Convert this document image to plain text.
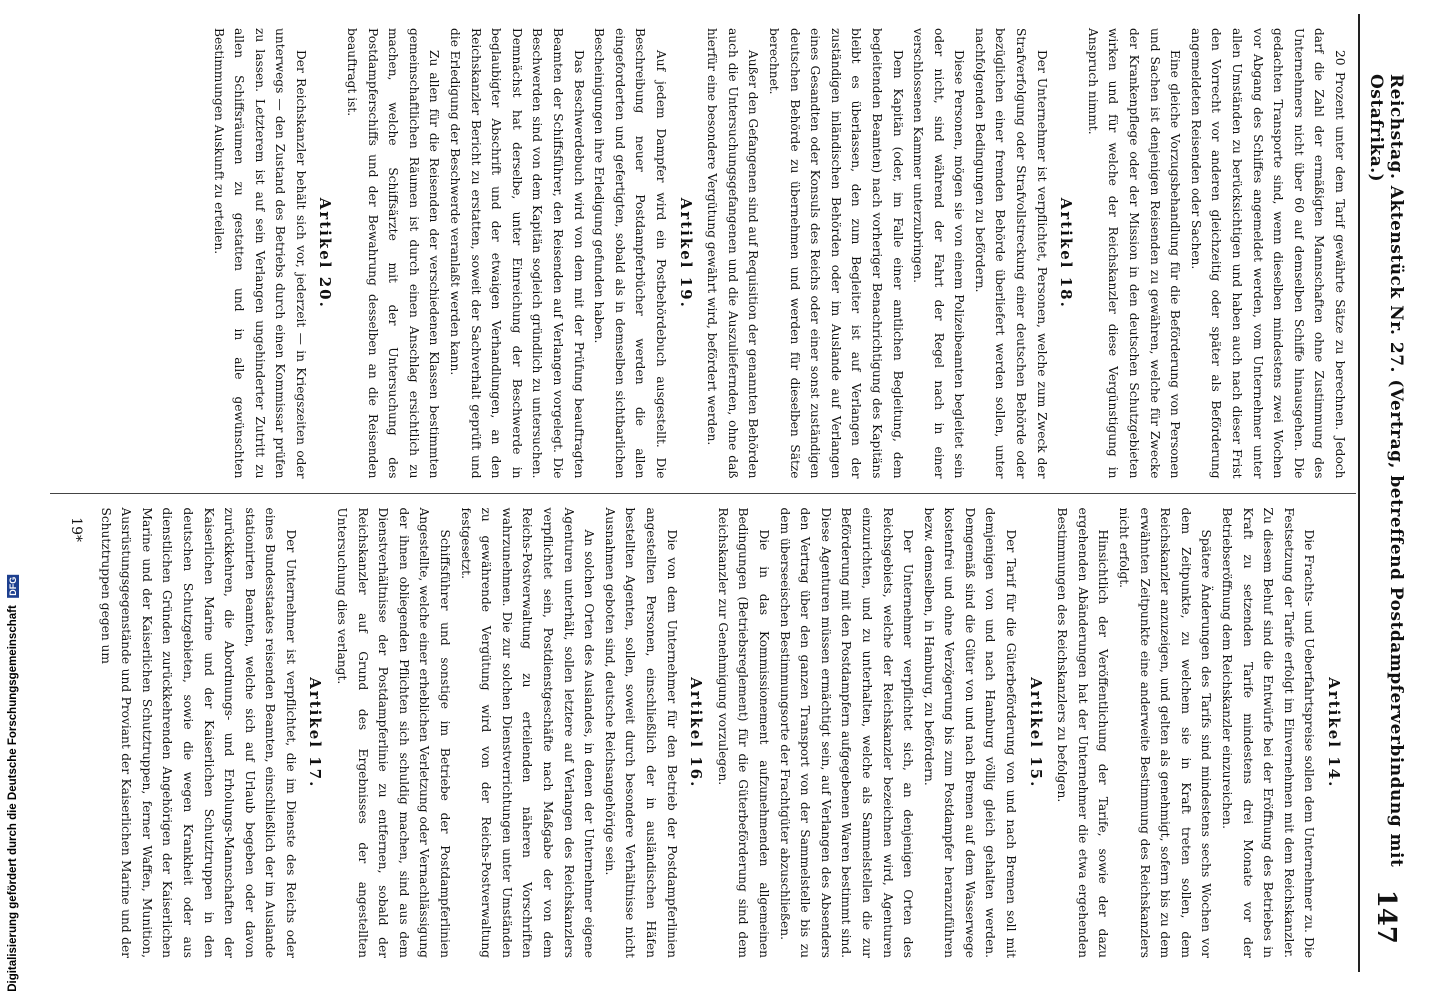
Reichstag. Aktenstück Nr. 27. (Vertrag, betreffend Postdampferverbindung mit Ostafrika.)
147

20 Prozent unter dem Tarif gewährte Sätze zu berechnen. Jedoch darf die Zahl der ermäßigten Mannschaften ohne Zustimmung des Unternehmers nicht über 60 auf demselben Schiffe hinausgehen. Die gedachten Transporte sind, wenn dieselben mindestens zwei Wochen vor Abgang des Schiffes angemeldet werden, vom Unternehmer unter allen Umständen zu berücksichtigen und haben auch nach dieser Frist den Vorrecht vor anderen gleichzeitig oder später als Beförderung angemeldeten Reisenden oder Sachen.

Eine gleiche Vorzugsbehandlung für die Beförderung von Personen und Sachen ist denjenigen Reisenden zu gewähren, welche für Zwecke der Krankenpflege oder der Mission in den deutschen Schutzgebieten wirken und für welche der Reichskanzler diese Vergünstigung in Anspruch nimmt.

Artikel 18.

Der Unternehmer ist verpflichtet, Personen, welche zum Zweck der Strafverfolgung oder Strafvollstreckung einer deutschen Behörde oder bezüglichen einer fremden Behörde überliefert werden sollen, unter nachfolgenden Bedingungen zu befördern.

Diese Personen, mögen sie von einem Polizeibeamten begleitet sein oder nicht, sind während der Fahrt der Regel nach in einer verschlossenen Kammer unterzubringen.

Dem Kapitän (oder, im Falle einer amtlichen Begleitung, dem begleitenden Beamten) nach vorheriger Benachrichtigung des Kapitäns bleibt es überlassen, den zum Begleiter ist auf Verlangen der zuständigen inländischen Behörden oder im Auslande auf Verlangen eines Gesandten oder Konsuls des Reichs oder einer sonst zuständigen deutschen Behörde zu übernehmen und werden für dieselben Sätze berechnet.

Außer den Gefangenen sind auf Requisition der genannten Behörden auch die Untersuchungsgefangenen und die Auszuliefernden, ohne daß hierfür eine besondere Vergütung gewährt wird, befördert werden.

Artikel 19.

Auf jedem Dampfer wird ein Postbehördebuch ausgestellt. Die Beschreibung neuer Postdampferbücher werden die allen eingeforderten und gefertigten, sobald als in demselben sichtbarlichen Bescheinigungen ihre Erledigung gefunden haben.

Das Beschwerdebuch wird von dem mit der Prüfung beauftragten Beamten der Schiffsführer, den Reisenden auf Verlangen vorgelegt. Die Beschwerden sind von dem Kapitän sogleich gründlich zu untersuchen. Demnächst hat derselbe, unter Einreichung der Beschwerde in beglaubigter Abschrift und der etwaigen Verhandlungen, an den Reichskanzler Bericht zu erstatten, soweit der Sachverhalt geprüft und die Erledigung der Beschwerde veranlaßt werden kann.

Zu allen für die Reisenden der verschiedenen Klassen bestimmten gemeinschaftlichen Räumen ist durch einen Anschlag ersichtlich zu machen, welche Schiffsärzte mit der Untersuchung des Postdampferschiffs und der Bewahrung desselben an die Reisenden beauftragt ist.

Artikel 20.

Der Reichskanzler behält sich vor, jederzeit — in Kriegszeiten oder unterwegs — den Zustand des Betriebs durch einen Kommissar prüfen zu lassen. Letzterem ist auf sein Verlangen ungehinderter Zutritt zu allen Schiffsräumen zu gestatten und in alle gewünschten Bestimmungen Auskunft zu erteilen.

Artikel 14.

Die Frachts- und Ueberfahrtspreise sollen dem Unternehmer zu. Die Festsetzung der Tarife erfolgt im Einvernehmen mit dem Reichskanzler. Zu diesem Behuf sind die Entwürfe bei der Eröffnung des Betriebes in Kraft zu setzenden Tarife mindestens drei Monate vor der Betriebseröffnung dem Reichskanzler einzureichen.

Spätere Änderungen des Tarifs sind mindestens sechs Wochen vor dem Zeitpunkte, zu welchem sie in Kraft treten sollen, dem Reichskanzler anzuzeigen, und gelten als genehmigt, sofern bis zu dem erwähnten Zeitpunkte eine anderweite Bestimmung des Reichskanzlers nicht erfolgt.

Hinsichtlich der Veröffentlichung der Tarife, sowie der dazu ergehenden Abänderungen hat der Unternehmer die etwa ergehenden Bestimmungen des Reichskanzlers zu befolgen.

Artikel 15.

Der Tarif für die Güterbeförderung von und nach Bremen soll mit demjenigen von und nach Hamburg völlig gleich gehalten werden. Demgemäß sind die Güter von und nach Bremen auf dem Wasserwege kostenfrei und ohne Verzögerung bis zum Postdampfer heranzuführen bezw. demselben, in Hamburg, zu befördern.

Der Unternehmer verpflichtet sich, an denjenigen Orten des Reichsgebiets, welche der Reichskanzler bezeichnen wird, Agenturen einzurichten, und zu unterhalten, welche als Sammelstellen die zur Beförderung mit den Postdampfern aufgegebenen Waren bestimmt sind. Diese Agenturen müssen ermächtigt sein, auf Verlangen des Absenders den Vertrag über den ganzen Transport von der Sammelstelle bis zu dem überseeischen Bestimmungsorte der Frachtgüter abzuschließen.

Die in das Kommissionement aufzunehmenden allgemeinen Bedingungen (Betriebsreglement) für die Güterbeförderung sind dem Reichskanzler zur Genehmigung vorzulegen.

Artikel 16.

Die von dem Unternehmer für den Betrieb der Postdampferlinien angestellten Personen, einschließlich der in ausländischen Häfen bestellten Agenten, sollen, soweit durch besondere Verhältnisse nicht Ausnahmen geboten sind, deutsche Reichsangehörige sein.

An solchen Orten des Auslandes, in denen der Unternehmer eigene Agenturen unterhält, sollen letztere auf Verlangen des Reichskanzlers verpflichtet sein, Postdienstgeschäfte nach Maßgabe der von dem Reichs-Postverwaltung zu erteilenden näheren Vorschriften wahrzunehmen. Die zur solchen Dienstverrichtungen unter Umständen zu gewährende Vergütung wird von der Reichs-Postverwaltung festgesetzt.

Schiffsführer und sonstige im Betriebe der Postdampferlinien Angestellte, welche einer erheblichen Verletzung oder Vernachlässigung der ihnen obliegenden Pflichten sich schuldig machen, sind aus dem Dienstverhältnisse der Postdampferlinie zu entfernen, sobald der Reichskanzler auf Grund des Ergebnisses der angestellten Untersuchung dies verlangt.

Artikel 17.

Der Unternehmer ist verpflichtet, die im Dienste des Reichs oder eines Bundesstaates reisenden Beamten, einschließlich der im Auslande stationirten Beamten, welche sich auf Urlaub begeben oder davon zurückkehren, die Abordnungs- und Erholungs-Mannschaften der Kaiserlichen Marine und der Kaiserlichen Schutztruppen in den deutschen Schutzgebieten, sowie die wegen Krankheit oder aus dienstlichen Gründen zurückkehrenden Angehörigen der Kaiserlichen Marine und der Kaiserlichen Schutztruppen, ferner Waffen, Munition, Ausrüstungsgegenstände und Proviant der Kaiserlichen Marine und der Schutztruppen gegen um

19*
Digitalisierung gefördert durch die Deutsche Forschungsgemeinschaft DFG
